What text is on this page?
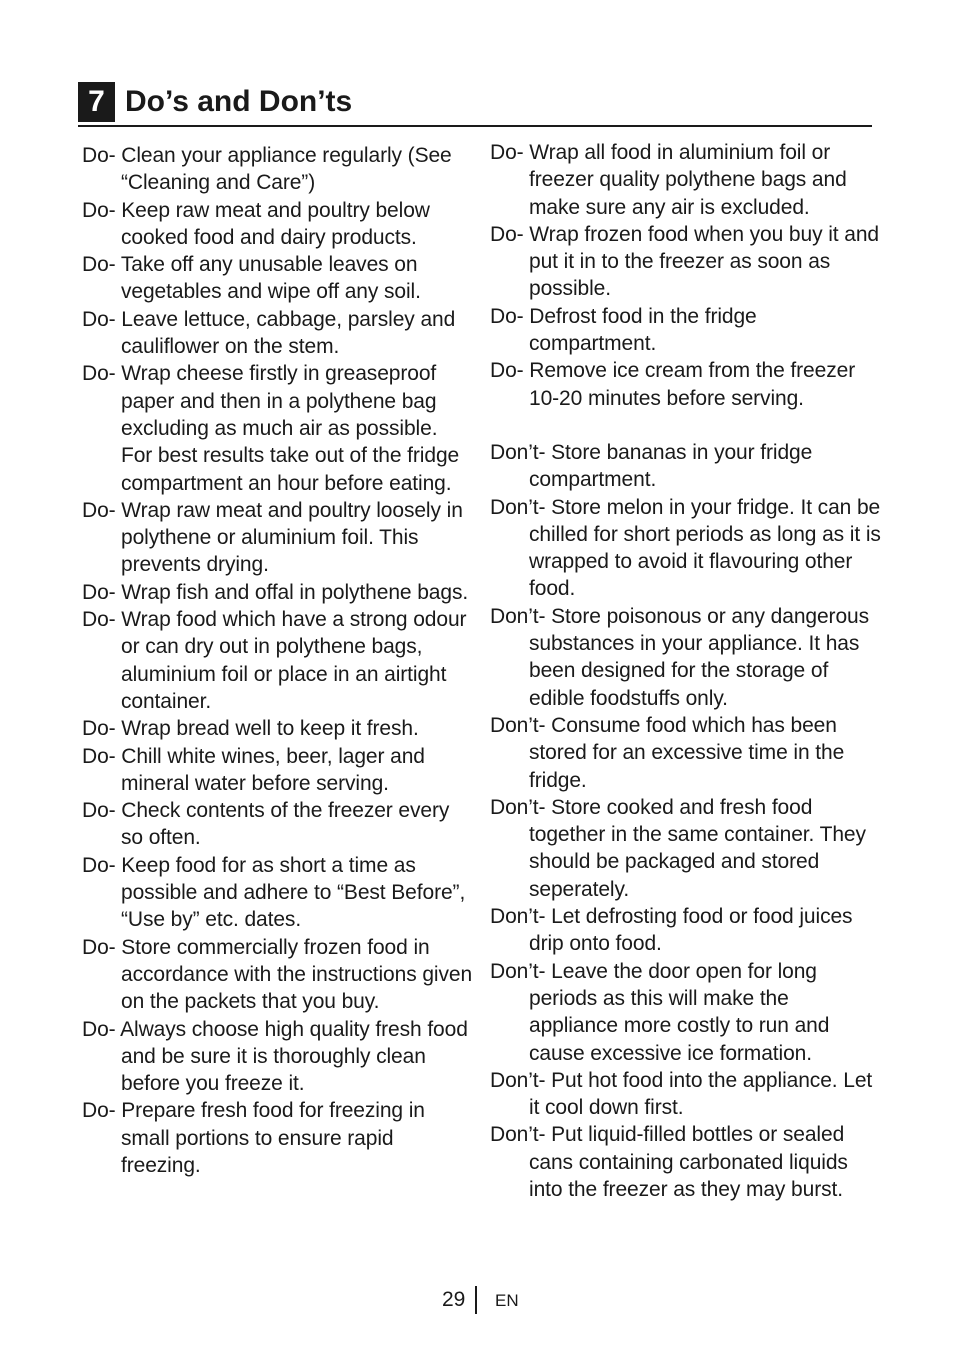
7 Do’s and Don’ts
Do- Clean your appliance regularly (See “Cleaning and Care”)
Do- Keep raw meat and poultry below cooked food and dairy products.
Do- Take off any unusable leaves on vegetables and wipe off any soil.
Do- Leave lettuce, cabbage, parsley and cauliflower on the stem.
Do- Wrap cheese firstly in greaseproof paper and then in a polythene bag excluding as much air as possible. For best results take out of the fridge compartment an hour before eating.
Do- Wrap raw meat and poultry loosely in polythene or aluminium foil. This prevents drying.
Do- Wrap fish and offal in polythene bags.
Do- Wrap food which have a strong odour or can dry out in polythene bags, aluminium foil or place in an airtight container.
Do- Wrap bread well to keep it fresh.
Do- Chill white wines, beer, lager and mineral water before serving.
Do- Check contents of the freezer every so often.
Do- Keep food for as short a time as possible and adhere to “Best Before”, “Use by” etc. dates.
Do- Store commercially frozen food in accordance with the instructions given on the packets that you buy.
Do- Always choose high quality fresh food and be sure it is thoroughly clean before you freeze it.
Do- Prepare fresh food for freezing in small portions to ensure rapid freezing.
Do- Wrap all food in aluminium foil or freezer quality polythene bags and make sure any air is excluded.
Do- Wrap frozen food when you buy it and put it in to the freezer as soon as possible.
Do- Defrost food in the fridge compartment.
Do- Remove ice cream from the freezer 10-20 minutes before serving.
Don’t- Store bananas in your fridge compartment.
Don’t- Store melon in your fridge. It can be chilled for short periods as long as it is wrapped to avoid it flavouring other food.
Don’t- Store poisonous or any dangerous substances in your appliance. It has been designed for the storage of edible foodstuffs only.
Don’t- Consume food which has been stored for an excessive time in the fridge.
Don’t- Store cooked and fresh food together in the same container. They should be packaged and stored seperately.
Don’t- Let defrosting food or food juices drip onto food.
Don’t- Leave the door open for long periods as this will make the appliance more costly to run and cause excessive ice formation.
Don’t- Put hot food into the appliance. Let it cool down first.
Don’t- Put liquid-filled bottles or sealed cans containing carbonated liquids into the freezer as they may burst.
29 EN
